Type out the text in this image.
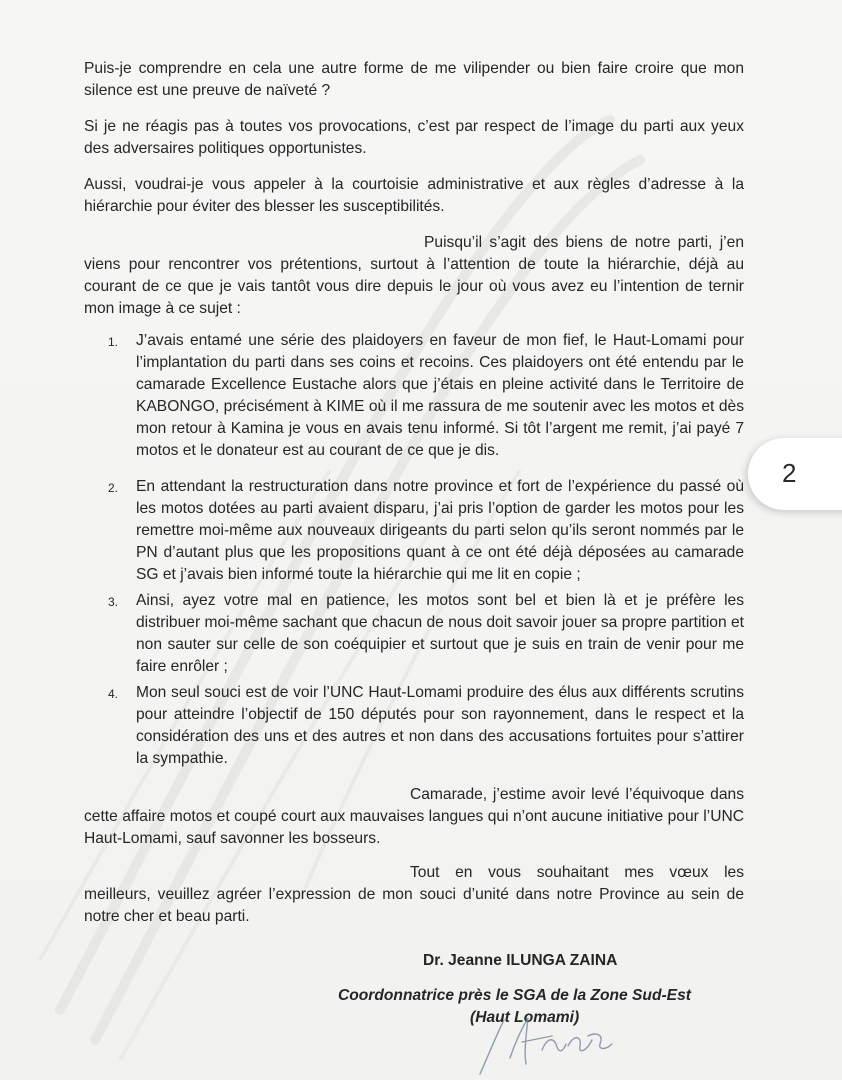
Puis-je comprendre en cela une autre forme de me vilipender ou bien faire croire que mon silence est une preuve de naïveté ?

Si je ne réagis pas à toutes vos provocations, c’est par respect de l’image du parti aux yeux des adversaires politiques opportunistes.

Aussi, voudrai-je vous appeler à la courtoisie administrative et aux règles d’adresse à la hiérarchie pour éviter des blesser les susceptibilités.

Puisqu’il s’agit des biens de notre parti, j’en viens pour rencontrer vos prétentions, surtout à l’attention de toute la hiérarchie, déjà au courant de ce que je vais tantôt vous dire depuis le jour où vous avez eu l’intention de ternir mon image à ce sujet :

1. J’avais entamé une série des plaidoyers en faveur de mon fief, le Haut-Lomami pour l’implantation du parti dans ses coins et recoins. Ces plaidoyers ont été entendu par le camarade Excellence Eustache alors que j’étais en pleine activité dans le Territoire de KABONGO, précisément à KIME où il me rassura de me soutenir avec les motos et dès mon retour à Kamina je vous en avais tenu informé. Si tôt l’argent me remit, j’ai payé 7 motos et le donateur est au courant de ce que je dis.
2. En attendant la restructuration dans notre province et fort de l’expérience du passé où les motos dotées au parti avaient disparu, j’ai pris l’option de garder les motos pour les remettre moi-même aux nouveaux dirigeants du parti selon qu’ils seront nommés par le PN d’autant plus que les propositions quant à ce ont été déjà déposées au camarade SG et j’avais bien informé toute la hiérarchie qui me lit en copie ;
3. Ainsi, ayez votre mal en patience, les motos sont bel et bien là et je préfère les distribuer moi-même sachant que chacun de nous doit savoir jouer sa propre partition et non sauter sur celle de son coéquipier et surtout que je suis en train de venir pour me faire enrôler ;
4. Mon seul souci est de voir l’UNC Haut-Lomami produire des élus aux différents scrutins pour atteindre l’objectif de 150 députés pour son rayonnement, dans le respect et la considération des uns et des autres et non dans des accusations fortuites pour s’attirer la sympathie.

Camarade, j’estime avoir levé l’équivoque dans cette affaire motos et coupé court aux mauvaises langues qui n’ont aucune initiative pour l’UNC Haut-Lomami, sauf savonner les bosseurs.

Tout en vous souhaitant mes vœux les meilleurs, veuillez agréer l’expression de mon souci d’unité dans notre Province au sein de notre cher et beau parti.

Dr. Jeanne ILUNGA ZAINA
Coordonnatrice près le SGA de la Zone Sud-Est
(Haut Lomami)
2
